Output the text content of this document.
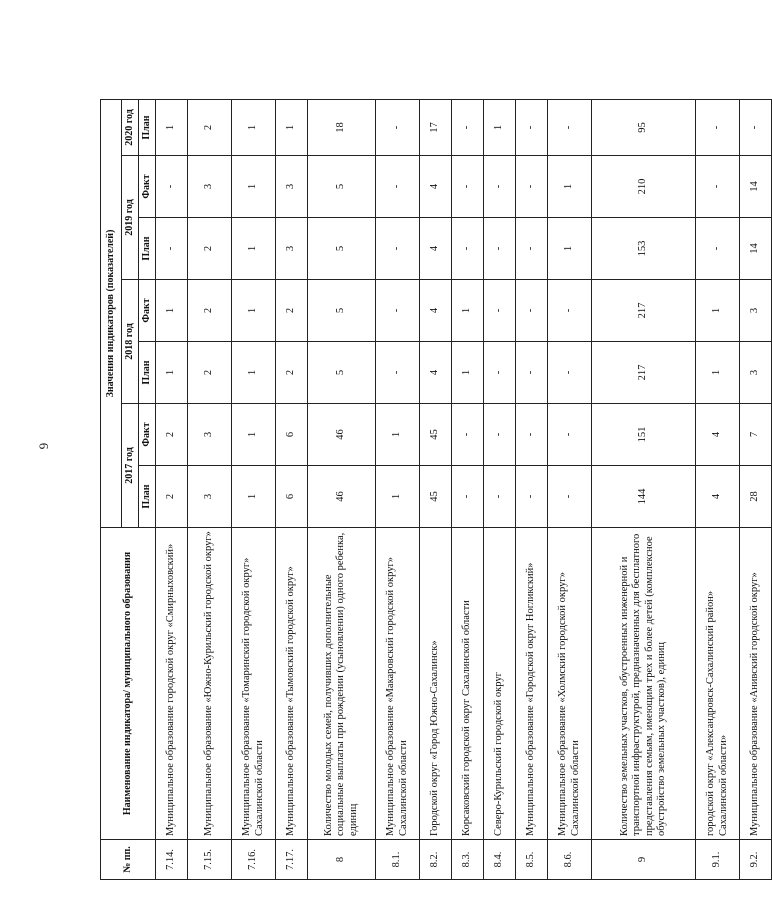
6
№ пп.	Наименование индикатора/ муниципального образования	Значения индикаторов (показателей)						
		2017 год		2018 год		2019 год		2020 год
		План	Факт	План	Факт	План	Факт	План
7.14.	Муниципальное образование городской округ «Смирныховский»	2	2	1	1	-	-	1
7.15.	Муниципальное образование «Южно-Курильский городской округ»	3	3	2	2	2	3	2
7.16.	Муниципальное образование «Томаринский городской округ» Сахалинской области	1	1	1	1	1	1	1
7.17.	Муниципальное образование «Тымовский городской округ»	6	6	2	2	3	3	1
8	Количество молодых семей, получивших дополнительные социальные выплаты при рождении (усыновлении) одного ребенка, единиц	46	46	5	5	5	5	18
8.1.	Муниципальное образование «Макаровский городской округ» Сахалинской области	1	1	-	-	-	-	-
8.2.	Городской округ «Город Южно-Сахалинск»	45	45	4	4	4	4	17
8.3.	Корсаковский городской округ Сахалинской области	-	-	1	1	-	-	-
8.4.	Северо-Курильский городской округ	-	-	-	-	-	-	1
8.5.	Муниципальное образование «Городской округ Ногликский»	-	-	-	-	-	-	-
8.6.	Муниципальное образование «Холмский городской округ» Сахалинской области	-	-	-	-	1	1	-
9	Количество земельных участков, обустроенных инженерной и транспортной инфраструктурой, предназначенных для бесплатного представления семьям, имеющим трех и более детей (комплексное обустройство земельных участков), единиц	144	151	217	217	153	210	95
9.1.	городской округ «Александровск-Сахалинский район» Сахалинской области»	4	4	1	1	-	-	-
9.2.	Муниципальное образование «Анивский городской округ»	28	7	3	3	14	14	-
